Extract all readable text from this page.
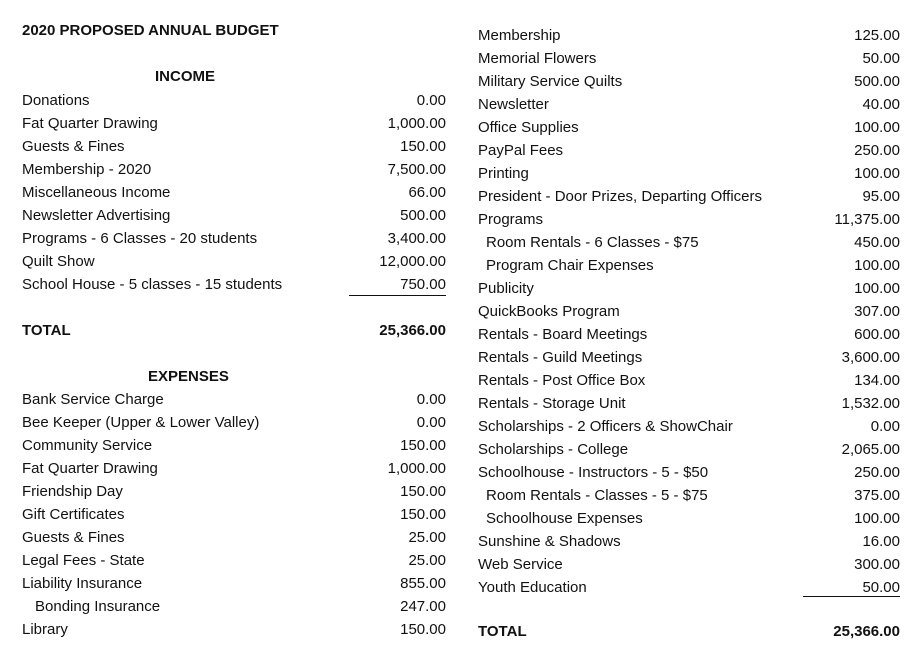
2020 PROPOSED ANNUAL BUDGET
INCOME
Donations	0.00
Fat Quarter Drawing	1,000.00
Guests & Fines	150.00
Membership - 2020	7,500.00
Miscellaneous Income	66.00
Newsletter Advertising	500.00
Programs - 6 Classes - 20 students	3,400.00
Quilt Show	12,000.00
School House - 5 classes - 15 students	750.00
TOTAL	25,366.00
EXPENSES
Bank Service Charge	0.00
Bee Keeper (Upper & Lower Valley)	0.00
Community Service	150.00
Fat Quarter Drawing	1,000.00
Friendship Day	150.00
Gift Certificates	150.00
Guests & Fines	25.00
Legal Fees - State	25.00
Liability Insurance	855.00
Bonding Insurance	247.00
Library	150.00
Membership	125.00
Memorial Flowers	50.00
Military Service Quilts	500.00
Newsletter	40.00
Office Supplies	100.00
PayPal Fees	250.00
Printing	100.00
President - Door Prizes, Departing Officers	95.00
Programs	11,375.00
Room Rentals - 6 Classes - $75	450.00
Program Chair Expenses	100.00
Publicity	100.00
QuickBooks Program	307.00
Rentals - Board Meetings	600.00
Rentals - Guild Meetings	3,600.00
Rentals - Post Office Box	134.00
Rentals - Storage Unit	1,532.00
Scholarships - 2 Officers & ShowChair	0.00
Scholarships - College	2,065.00
Schoolhouse - Instructors - 5 - $50	250.00
Room Rentals - Classes - 5 - $75	375.00
Schoolhouse Expenses	100.00
Sunshine & Shadows	16.00
Web Service	300.00
Youth Education	50.00
TOTAL	25,366.00
